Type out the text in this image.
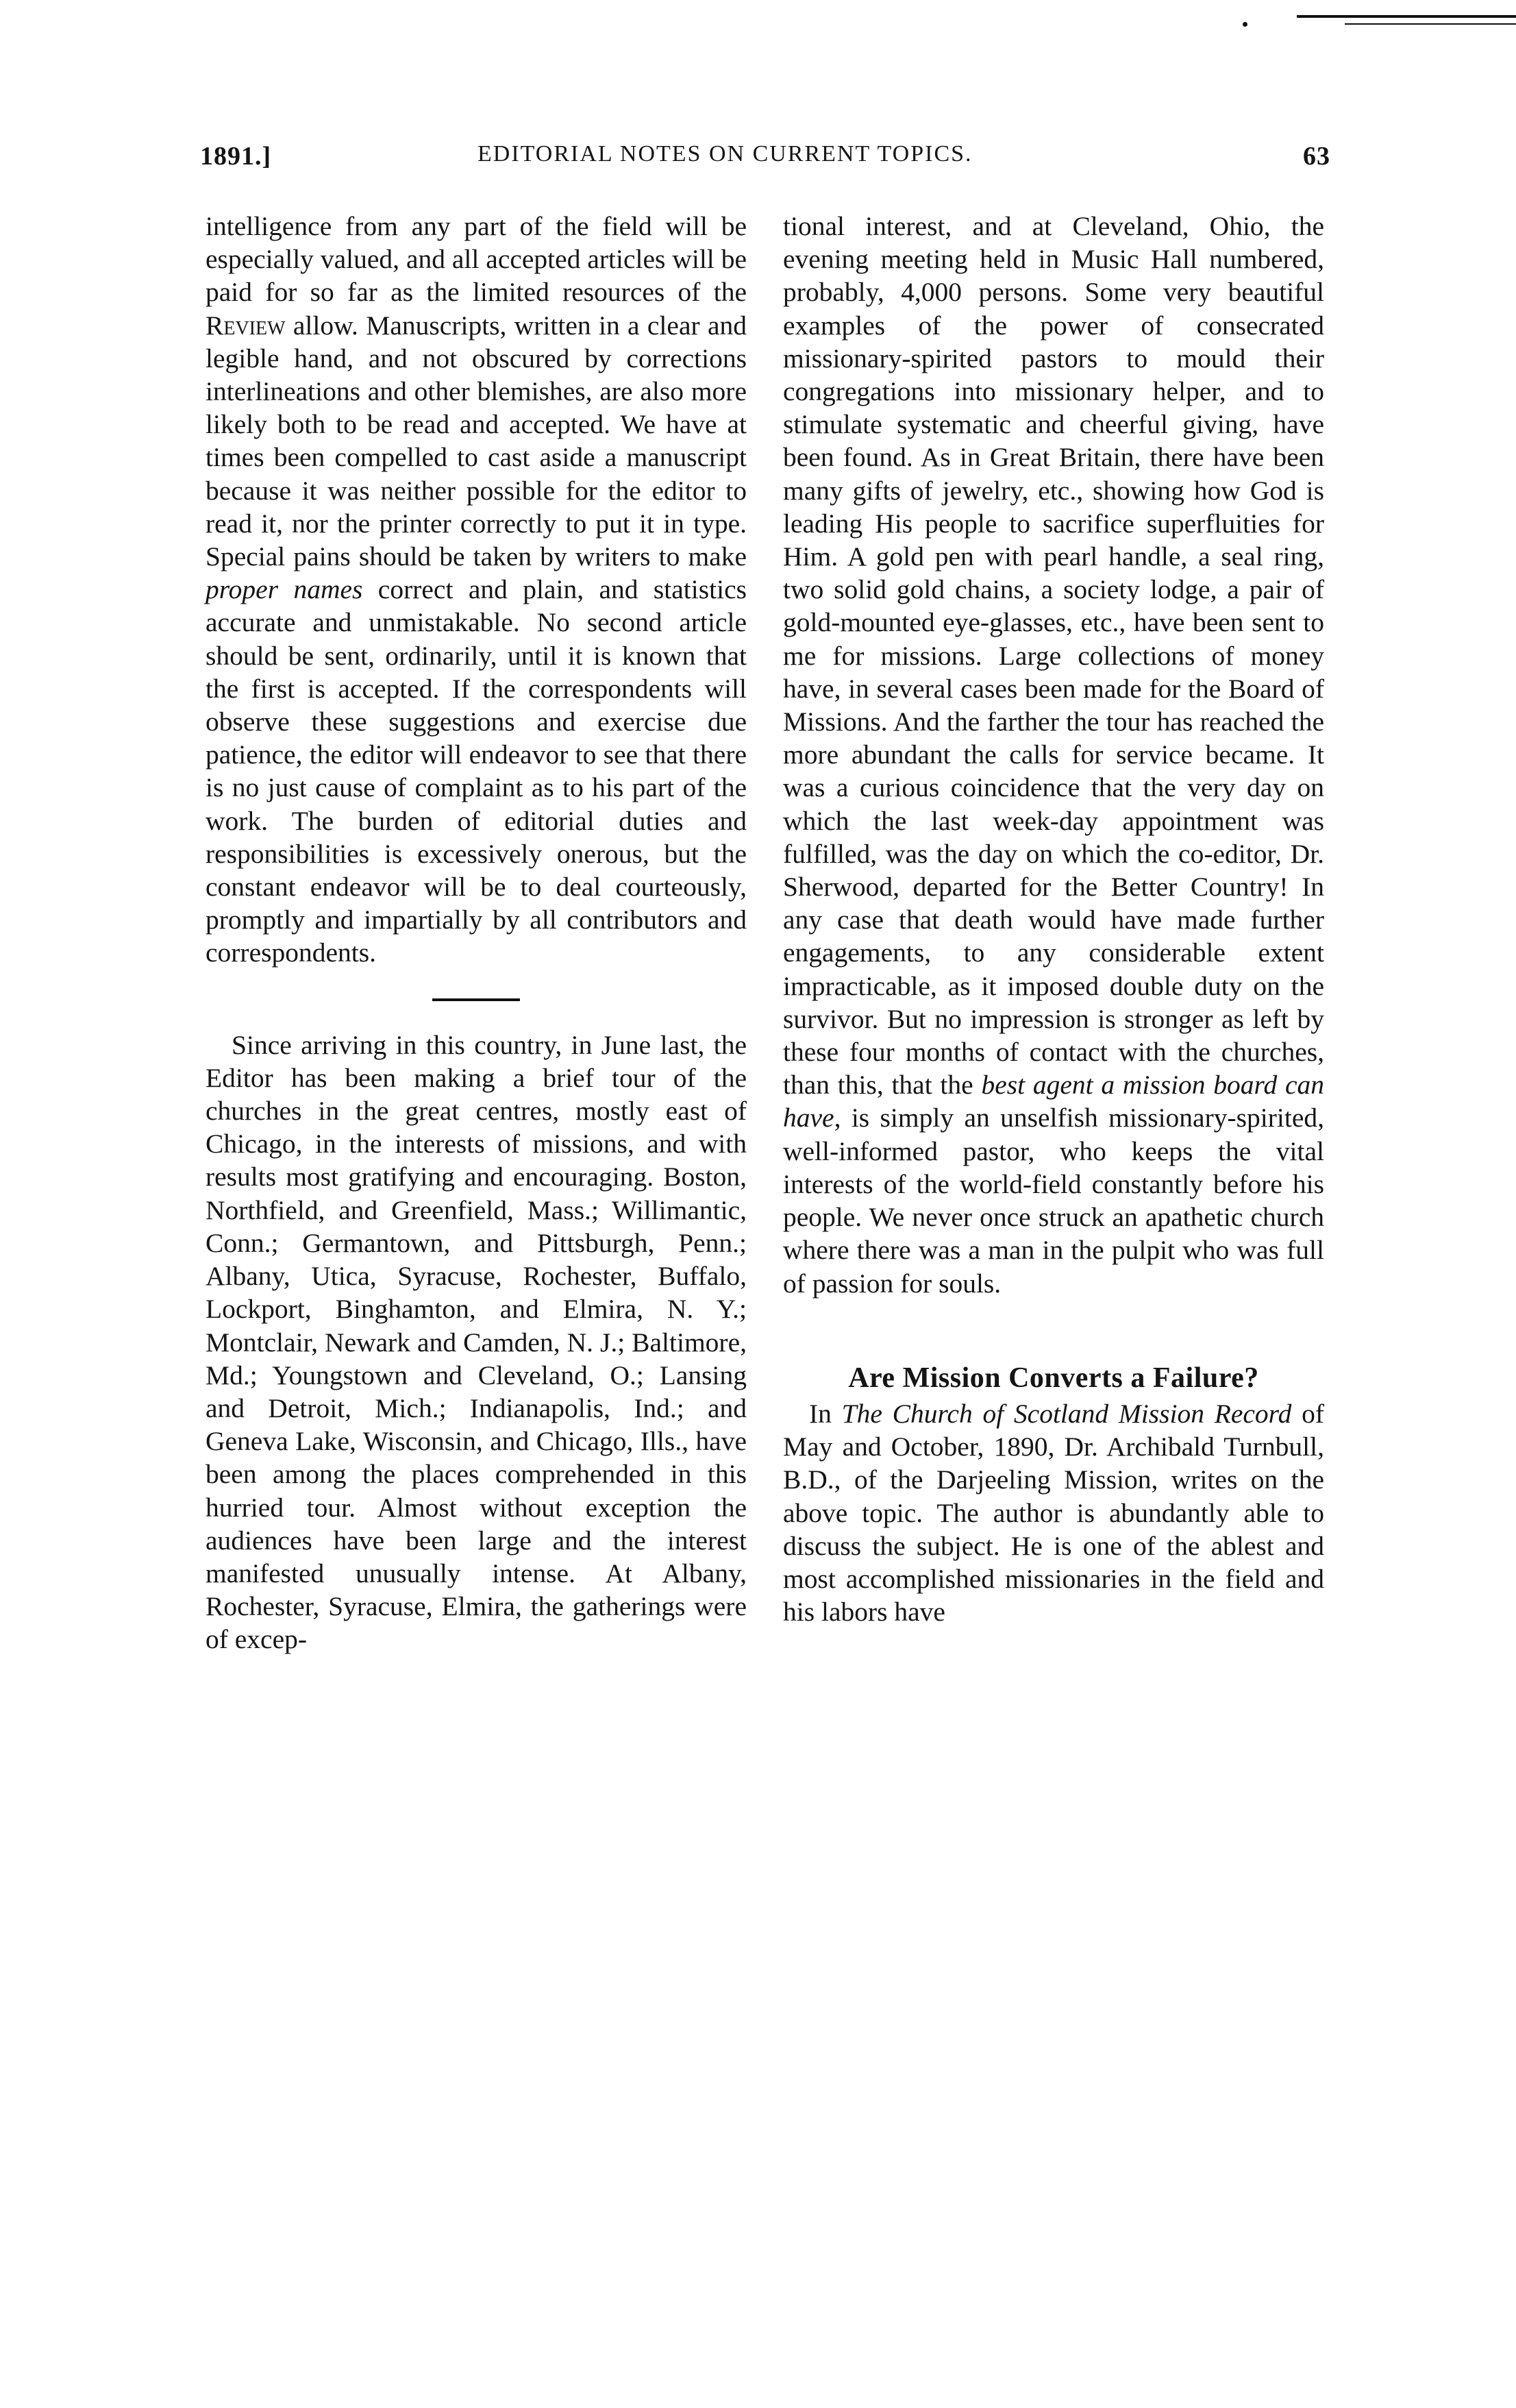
1891.]	EDITORIAL NOTES ON CURRENT TOPICS.	63

intelligence from any part of the field will be especially valued, and all accepted articles will be paid for so far as the limited resources of the Review allow. Manuscripts, written in a clear and legible hand, and not obscured by corrections interlineations and other blemishes, are also more likely both to be read and accepted. We have at times been compelled to cast aside a manuscript because it was neither possible for the editor to read it, nor the printer correctly to put it in type. Special pains should be taken by writers to make proper names correct and plain, and statistics accurate and unmistakable. No second article should be sent, ordinarily, until it is known that the first is accepted. If the correspondents will observe these suggestions and exercise due patience, the editor will endeavor to see that there is no just cause of complaint as to his part of the work. The burden of editorial duties and responsibilities is excessively onerous, but the constant endeavor will be to deal courteously, promptly and impartially by all contributors and correspondents.

Since arriving in this country, in June last, the Editor has been making a brief tour of the churches in the great centres, mostly east of Chicago, in the interests of missions, and with results most gratifying and encouraging. Boston, Northfield, and Greenfield, Mass.; Willimantic, Conn.; Germantown, and Pittsburgh, Penn.; Albany, Utica, Syracuse, Rochester, Buffalo, Lockport, Binghamton, and Elmira, N. Y.; Montclair, Newark and Camden, N. J.; Baltimore, Md.; Youngstown and Cleveland, O.; Lansing and Detroit, Mich.; Indianapolis, Ind.; and Geneva Lake, Wisconsin, and Chicago, Ills., have been among the places comprehended in this hurried tour. Almost without exception the audiences have been large and the interest manifested unusually intense. At Albany, Rochester, Syracuse, Elmira, the gatherings were of excep-

tional interest, and at Cleveland, Ohio, the evening meeting held in Music Hall numbered, probably, 4,000 persons. Some very beautiful examples of the power of consecrated missionary-spirited pastors to mould their congregations into missionary helper, and to stimulate systematic and cheerful giving, have been found. As in Great Britain, there have been many gifts of jewelry, etc., showing how God is leading His people to sacrifice superfluities for Him. A gold pen with pearl handle, a seal ring, two solid gold chains, a society lodge, a pair of gold-mounted eye-glasses, etc., have been sent to me for missions. Large collections of money have, in several cases been made for the Board of Missions. And the farther the tour has reached the more abundant the calls for service became. It was a curious coincidence that the very day on which the last week-day appointment was fulfilled, was the day on which the co-editor, Dr. Sherwood, departed for the Better Country! In any case that death would have made further engagements, to any considerable extent impracticable, as it imposed double duty on the survivor. But no impression is stronger as left by these four months of contact with the churches, than this, that the best agent a mission board can have, is simply an unselfish missionary-spirited, well-informed pastor, who keeps the vital interests of the world-field constantly before his people. We never once struck an apathetic church where there was a man in the pulpit who was full of passion for souls.

Are Mission Converts a Failure?

In The Church of Scotland Mission Record of May and October, 1890, Dr. Archibald Turnbull, B.D., of the Darjeeling Mission, writes on the above topic. The author is abundantly able to discuss the subject. He is one of the ablest and most accomplished missionaries in the field and his labors have
